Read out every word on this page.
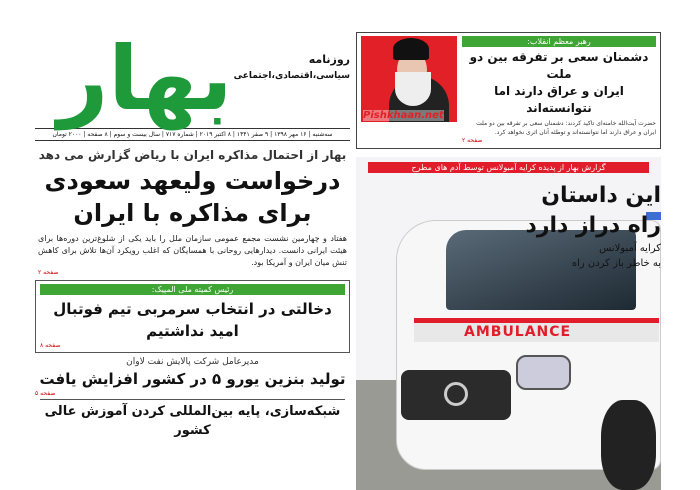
روزنامه
سیاسی،اقتصادی،اجتماعی
بهار
سه‌شنبه | ۱۶ مهر ۱۳۹۸ | ۹ صفر ۱۴۴۱ | ۸ اکتبر ۲۰۱۹ | شماره ۷۱۷ | سال بیست و سوم | ۸ صفحه | ۲۰۰۰ تومان
بهار از احتمال مذاکره ایران با ریاض گزارش می دهد
درخواست ولیعهد سعودی
برای مذاکره با ایران
هفتاد و چهارمین نشست مجمع عمومی سازمان ملل را باید یکی از شلوغ‌ترین دوره‌ها برای هیئت ایرانی دانست. دیدارهایی روحانی با همسایگان که اغلب رویکرد آن‌ها تلاش برای کاهش تنش میان ایران و آمریکا بود.
صفحه ۲
رئیس کمیته ملی المپیک:
دخالتی در انتخاب سرمربی تیم فوتبال
امید نداشتیم
صفحه ۸
مدیرعامل شرکت پالایش نفت لاوان
تولید بنزین یورو ۵ در کشور افزایش یافت
صفحه ۵
شبکه‌سازی، پایه بین‌المللی کردن آموزش عالی کشور
رهبر معظم انقلاب:
دشمنان سعی بر تفرقه بین دو ملت
ایران و عراق دارند اما نتوانسته‌اند
حضرت آیت‌الله خامنه‌ای تاکید کردند: دشمنان سعی بر تفرقه بین دو ملت ایران و عراق دارند اما نتوانسته‌اند و توطئه آنان اثری نخواهد کرد.
صفحه ۲
Pishkhaan.net
AMBULANCE
گزارش بهار از پدیده کرایه آمبولانس توسط آدم های مطرح
این داستان
راه دراز دارد
کرایه آمبولانس
به خاطر باز کردن راه
